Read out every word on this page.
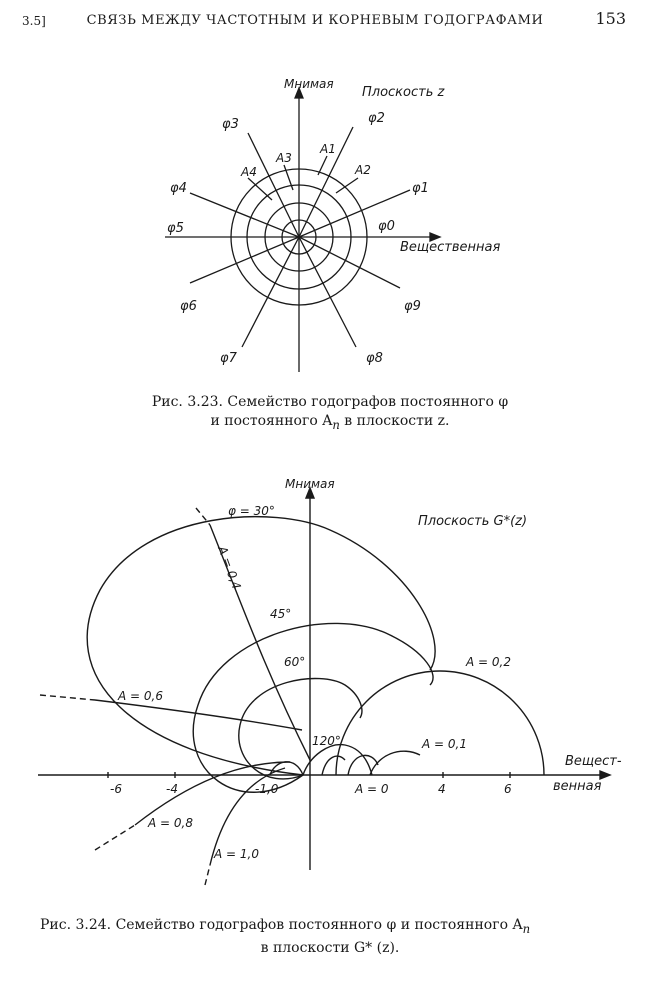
3.5]	СВЯЗЬ МЕЖДУ ЧАСТОТНЫМ И КОРНЕВЫМ ГОДОГРАФАМИ	153
Мнимая
Плоскость z
Вещественная
φ0
φ1
φ2
φ3
φ4
φ5
φ6
φ7	φ8
φ9
A1
A2
A3
A4
Рис. 3.23. Семейство годографов постоянного φ
и постоянного $A_n$ в плоскости z.
Мнимая
Плоскость G*(z)
Вещест-
венная
-6	-4	-1,0	A = 0	4	6
φ = 30°
45°
60°
120°
A = 0,4
A = 0,6
A = 0,2
A = 0,1
A = 0,8
A = 1,0
Рис. 3.24. Семейство годографов постоянного φ и постоянного $A_n$
в плоскости G* (z).
